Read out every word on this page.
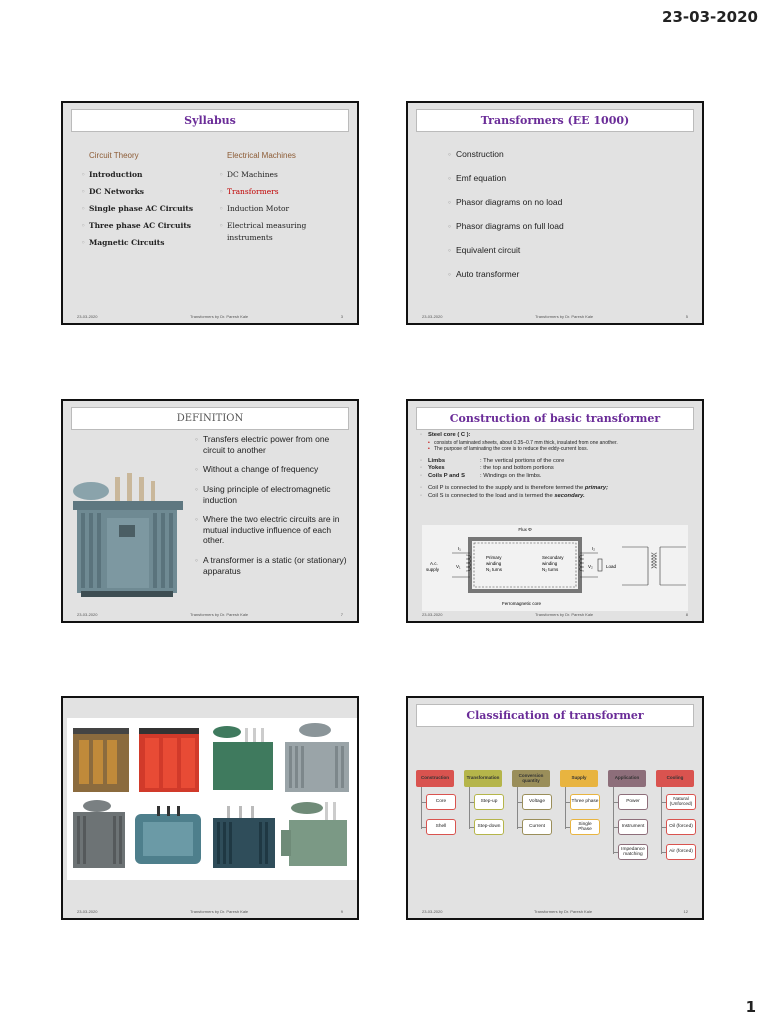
23-03-2020
Syllabus
Circuit Theory
◦ Introduction
◦ DC Networks
◦ Single phase AC Circuits
◦ Three phase AC Circuits
◦ Magnetic Circuits
Electrical Machines
◦ DC Machines
◦ Transformers
◦ Induction Motor
◦ Electrical measuring
instruments
23-03-2020	Transformers by Dr. Paresh Kale	3
Transformers (EE 1000)
◦ Construction
◦ Emf equation
◦ Phasor diagrams on no load
◦ Phasor diagrams on full load
◦ Equivalent circuit
◦ Auto transformer
23-03-2020	Transformers by Dr. Paresh Kale	5
DEFINITION
◦ Transfers electric power from one circuit to another
◦ Without a change of frequency
◦ Using principle of electromagnetic induction
◦ Where the two electric circuits are in mutual inductive influence of each other.
◦ A transformer is a static (or stationary) apparatus
23-03-2020	Transformers by Dr. Paresh Kale	7
Construction of basic transformer
◦ Steel core ( C ):
• consists of laminated sheets, about 0.35–0.7 mm thick, insulated from one another.
• The purpose of laminating the core is to reduce the eddy-current loss.
◦ Limbs	: The vertical portions of the core
◦ Yokes	: the top and bottom portions
◦ Coils P and S	: Windings on the limbs.
◦ Coil P is connected to the supply and is therefore termed the primary;
◦ Coil S is connected to the load and is termed the secondary.
Flux Φ
A.c.
supply
V₁
I₁
Primary
winding
N₁ turns
Secondary
winding
N₂ turns
V₂
I₂
Load
Ferromagnetic core
23-03-2020	Transformers by Dr. Paresh Kale	8
23-03-2020	Transformers by Dr. Paresh Kale	9
Classification of transformer
Construction
Core
Shell
Transformation
Step-up
Step-down
Conversion quantity
Voltage
Current
Supply
Three phase
Single Phase
Application
Power
Instrument
Impedance matching
Cooling
Natural (Unforced)
Oil (forced)
Air (forced)
23-03-2020	Transformers by Dr. Paresh Kale	12
1
